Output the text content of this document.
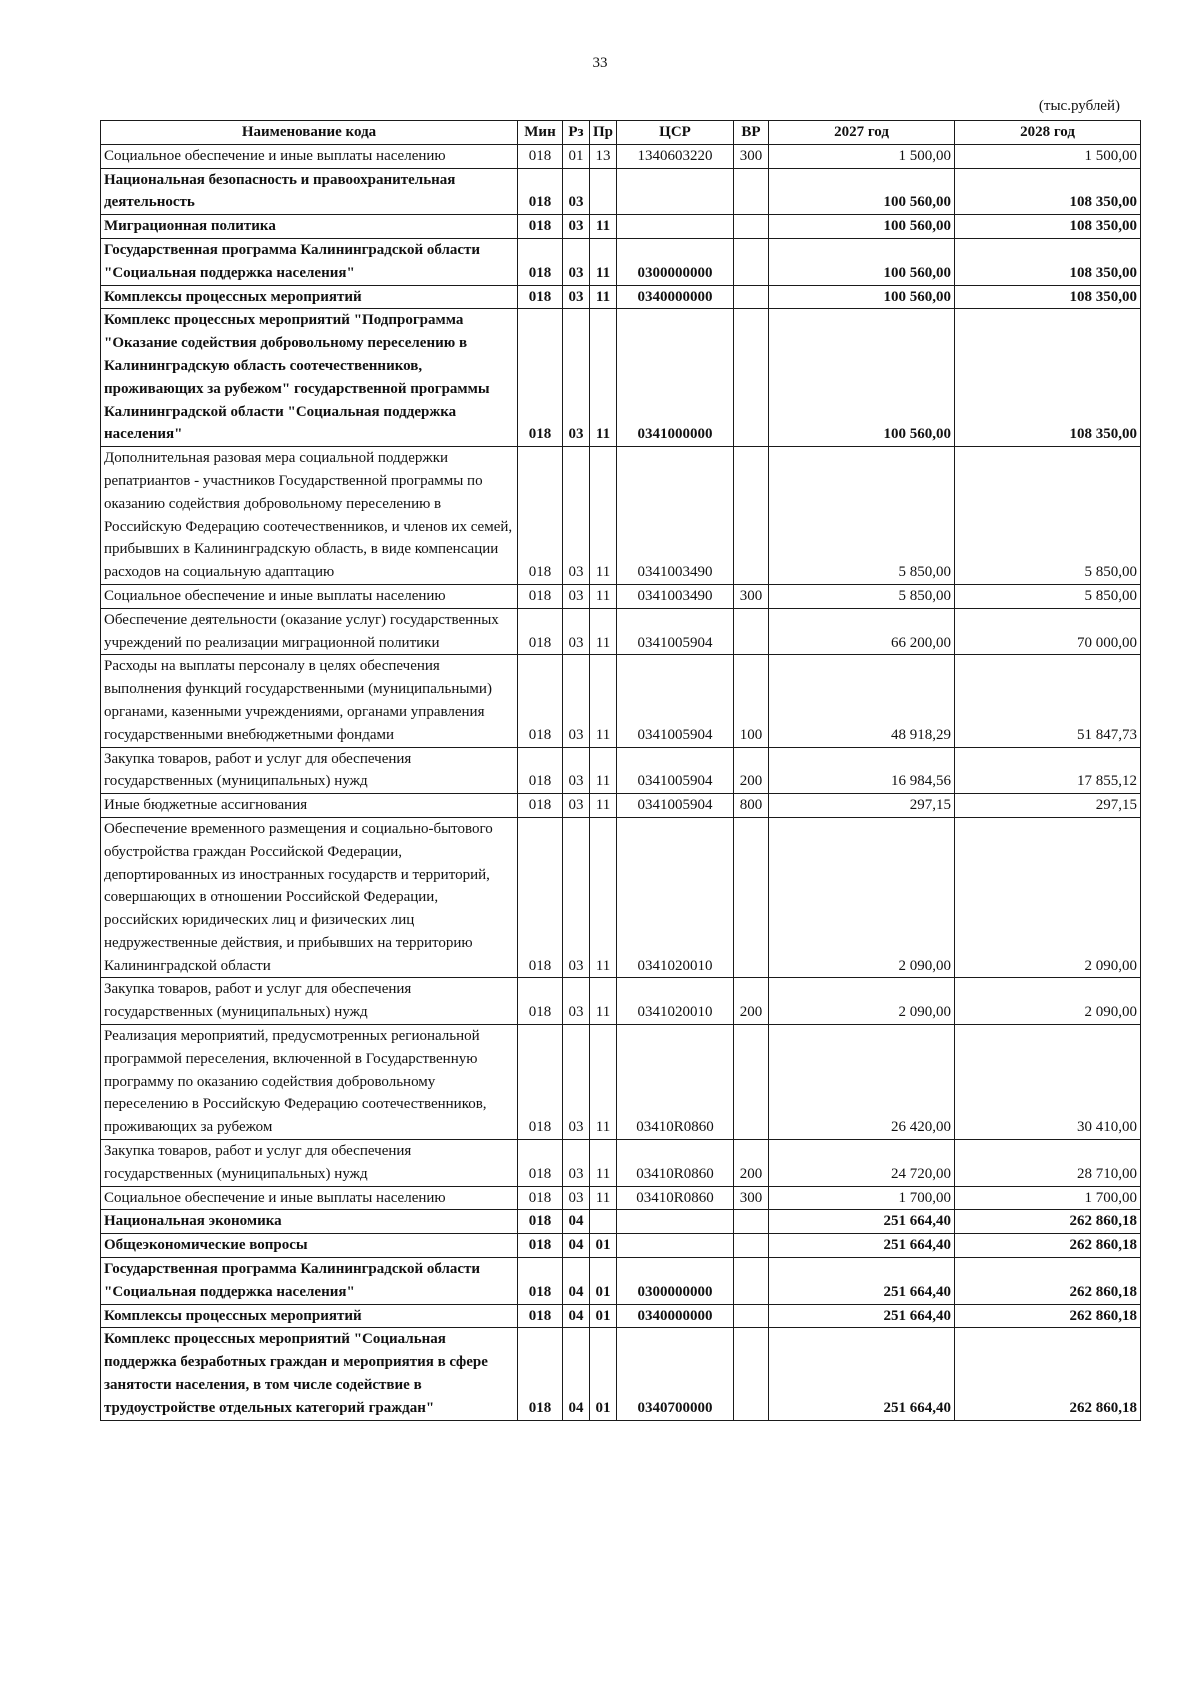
33
(тыс.рублей)
Наименование кода	Мин	Рз	Пр	ЦСР	ВР	2027 год	2028 год
Социальное обеспечение и иные выплаты населению	018	01	13	1340603220	300	1 500,00	1 500,00
Национальная безопасность и правоохранительная деятельность	018	03				100 560,00	108 350,00
Миграционная политика	018	03	11			100 560,00	108 350,00
Государственная программа Калининградской области "Социальная поддержка населения"	018	03	11	0300000000		100 560,00	108 350,00
Комплексы процессных мероприятий	018	03	11	0340000000		100 560,00	108 350,00
Комплекс процессных мероприятий "Подпрограмма "Оказание содействия добровольному переселению в Калининградскую область соотечественников, проживающих за рубежом" государственной программы Калининградской области "Социальная поддержка населения"	018	03	11	0341000000		100 560,00	108 350,00
Дополнительная разовая мера социальной поддержки репатриантов - участников Государственной программы по оказанию содействия добровольному переселению в Российскую Федерацию соотечественников, и членов их семей, прибывших в Калининградскую область, в виде компенсации расходов на социальную адаптацию	018	03	11	0341003490		5 850,00	5 850,00
Социальное обеспечение и иные выплаты населению	018	03	11	0341003490	300	5 850,00	5 850,00
Обеспечение деятельности (оказание услуг) государственных учреждений по реализации миграционной политики	018	03	11	0341005904		66 200,00	70 000,00
Расходы на выплаты персоналу в целях обеспечения выполнения функций государственными (муниципальными) органами, казенными учреждениями, органами управления государственными внебюджетными фондами	018	03	11	0341005904	100	48 918,29	51 847,73
Закупка товаров, работ и услуг для обеспечения государственных (муниципальных) нужд	018	03	11	0341005904	200	16 984,56	17 855,12
Иные бюджетные ассигнования	018	03	11	0341005904	800	297,15	297,15
Обеспечение временного размещения и социально-бытового обустройства граждан Российской Федерации, депортированных из иностранных государств и территорий, совершающих в отношении Российской Федерации, российских юридических лиц и физических лиц недружественные действия, и прибывших на территорию Калининградской области	018	03	11	0341020010		2 090,00	2 090,00
Закупка товаров, работ и услуг для обеспечения государственных (муниципальных) нужд	018	03	11	0341020010	200	2 090,00	2 090,00
Реализация мероприятий, предусмотренных региональной программой переселения, включенной в Государственную программу по оказанию содействия добровольному переселению в Российскую Федерацию соотечественников, проживающих за рубежом	018	03	11	03410R0860		26 420,00	30 410,00
Закупка товаров, работ и услуг для обеспечения государственных (муниципальных) нужд	018	03	11	03410R0860	200	24 720,00	28 710,00
Социальное обеспечение и иные выплаты населению	018	03	11	03410R0860	300	1 700,00	1 700,00
Национальная экономика	018	04				251 664,40	262 860,18
Общеэкономические вопросы	018	04	01			251 664,40	262 860,18
Государственная программа Калининградской области "Социальная поддержка населения"	018	04	01	0300000000		251 664,40	262 860,18
Комплексы процессных мероприятий	018	04	01	0340000000		251 664,40	262 860,18
Комплекс процессных мероприятий "Социальная поддержка безработных граждан и мероприятия в сфере занятости населения, в том числе содействие в трудоустройстве отдельных категорий граждан"	018	04	01	0340700000		251 664,40	262 860,18
